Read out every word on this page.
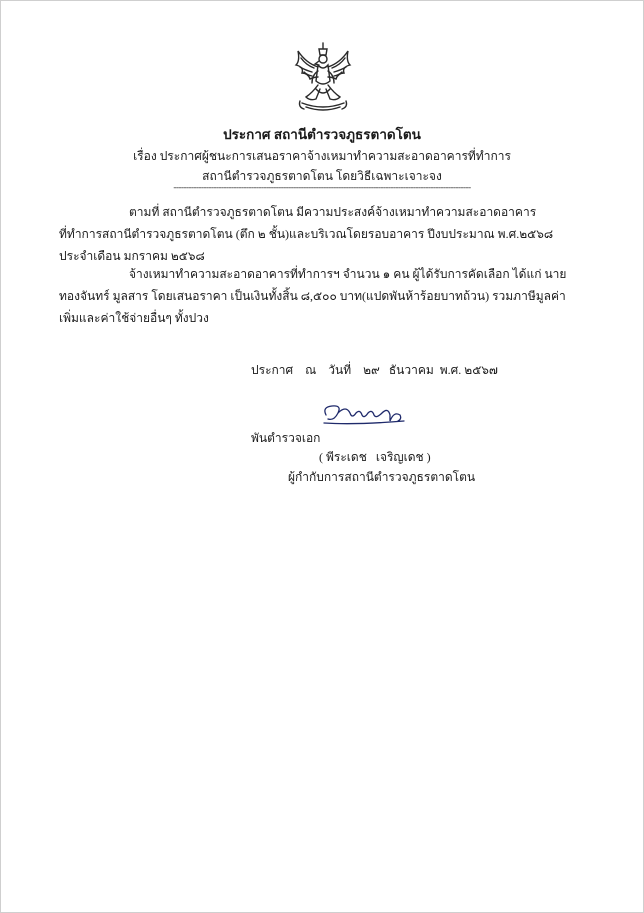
ประกาศ สถานีตำรวจภูธรตาดโตน
เรื่อง ประกาศผู้ชนะการเสนอราคาจ้างเหมาทำความสะอาดอาคารที่ทำการ
สถานีตำรวจภูธรตาดโตน โดยวิธีเฉพาะเจาะจง
-----------------------------------------------------------------------------------------------------------------------
ตามที่ สถานีตำรวจภูธรตาดโตน มีความประสงค์จ้างเหมาทำความสะอาดอาคารที่ทำการสถานีตำรวจภูธรตาดโตน (ตึก ๒ ชั้น)และบริเวณโดยรอบอาคาร ปีงบประมาณ พ.ศ.๒๕๖๘ ประจำเดือน มกราคม ๒๕๖๘
จ้างเหมาทำความสะอาดอาคารที่ทำการฯ จำนวน ๑ คน ผู้ได้รับการคัดเลือก ได้แก่ นาย ทองจันทร์ มูลสาร โดยเสนอราคา เป็นเงินทั้งสิ้น ๘,๕๐๐ บาท(แปดพันห้าร้อยบาทถ้วน) รวมภาษีมูลค่าเพิ่มและค่าใช้จ่ายอื่นๆ ทั้งปวง
ประกาศ    ณ    วันที่    ๒๙   ธันวาคม  พ.ศ. ๒๕๖๗
พันตำรวจเอก
( พีระเดช   เจริญเดช )
ผู้กำกับการสถานีตำรวจภูธรตาดโตน
